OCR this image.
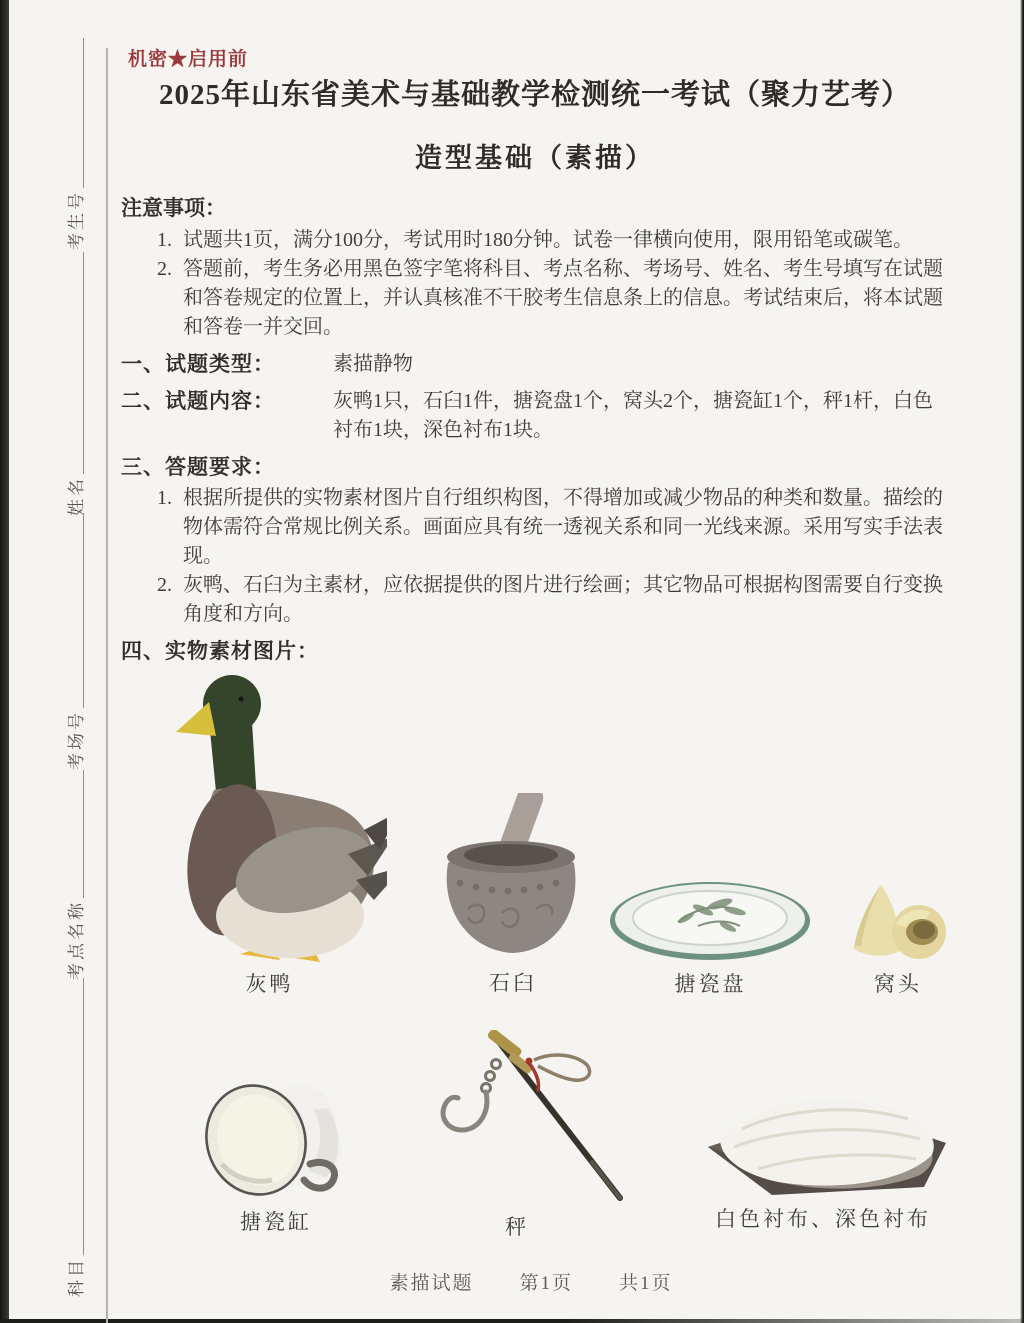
考生号
姓名
考场号
考点名称
科目
机密★启用前
2025年山东省美术与基础教学检测统一考试（聚力艺考）
造型基础（素描）
注意事项：
1. 试题共1页，满分100分，考试用时180分钟。试卷一律横向使用，限用铅笔或碳笔。
2. 答题前，考生务必用黑色签字笔将科目、考点名称、考场号、姓名、考生号填写在试题和答卷规定的位置上，并认真核准不干胶考生信息条上的信息。考试结束后，将本试题和答卷一并交回。
一、试题类型：	素描静物
二、试题内容：	灰鸭1只，石臼1件，搪瓷盘1个，窝头2个，搪瓷缸1个，秤1杆，白色衬布1块，深色衬布1块。
三、答题要求：
1. 根据所提供的实物素材图片自行组织构图，不得增加或减少物品的种类和数量。描绘的物体需符合常规比例关系。画面应具有统一透视关系和同一光线来源。采用写实手法表现。
2. 灰鸭、石臼为主素材，应依据提供的图片进行绘画；其它物品可根据构图需要自行变换角度和方向。
四、实物素材图片：
灰鸭	石臼	搪瓷盘	窝头
搪瓷缸	秤	白色衬布、深色衬布
素描试题 第1页 共1页
